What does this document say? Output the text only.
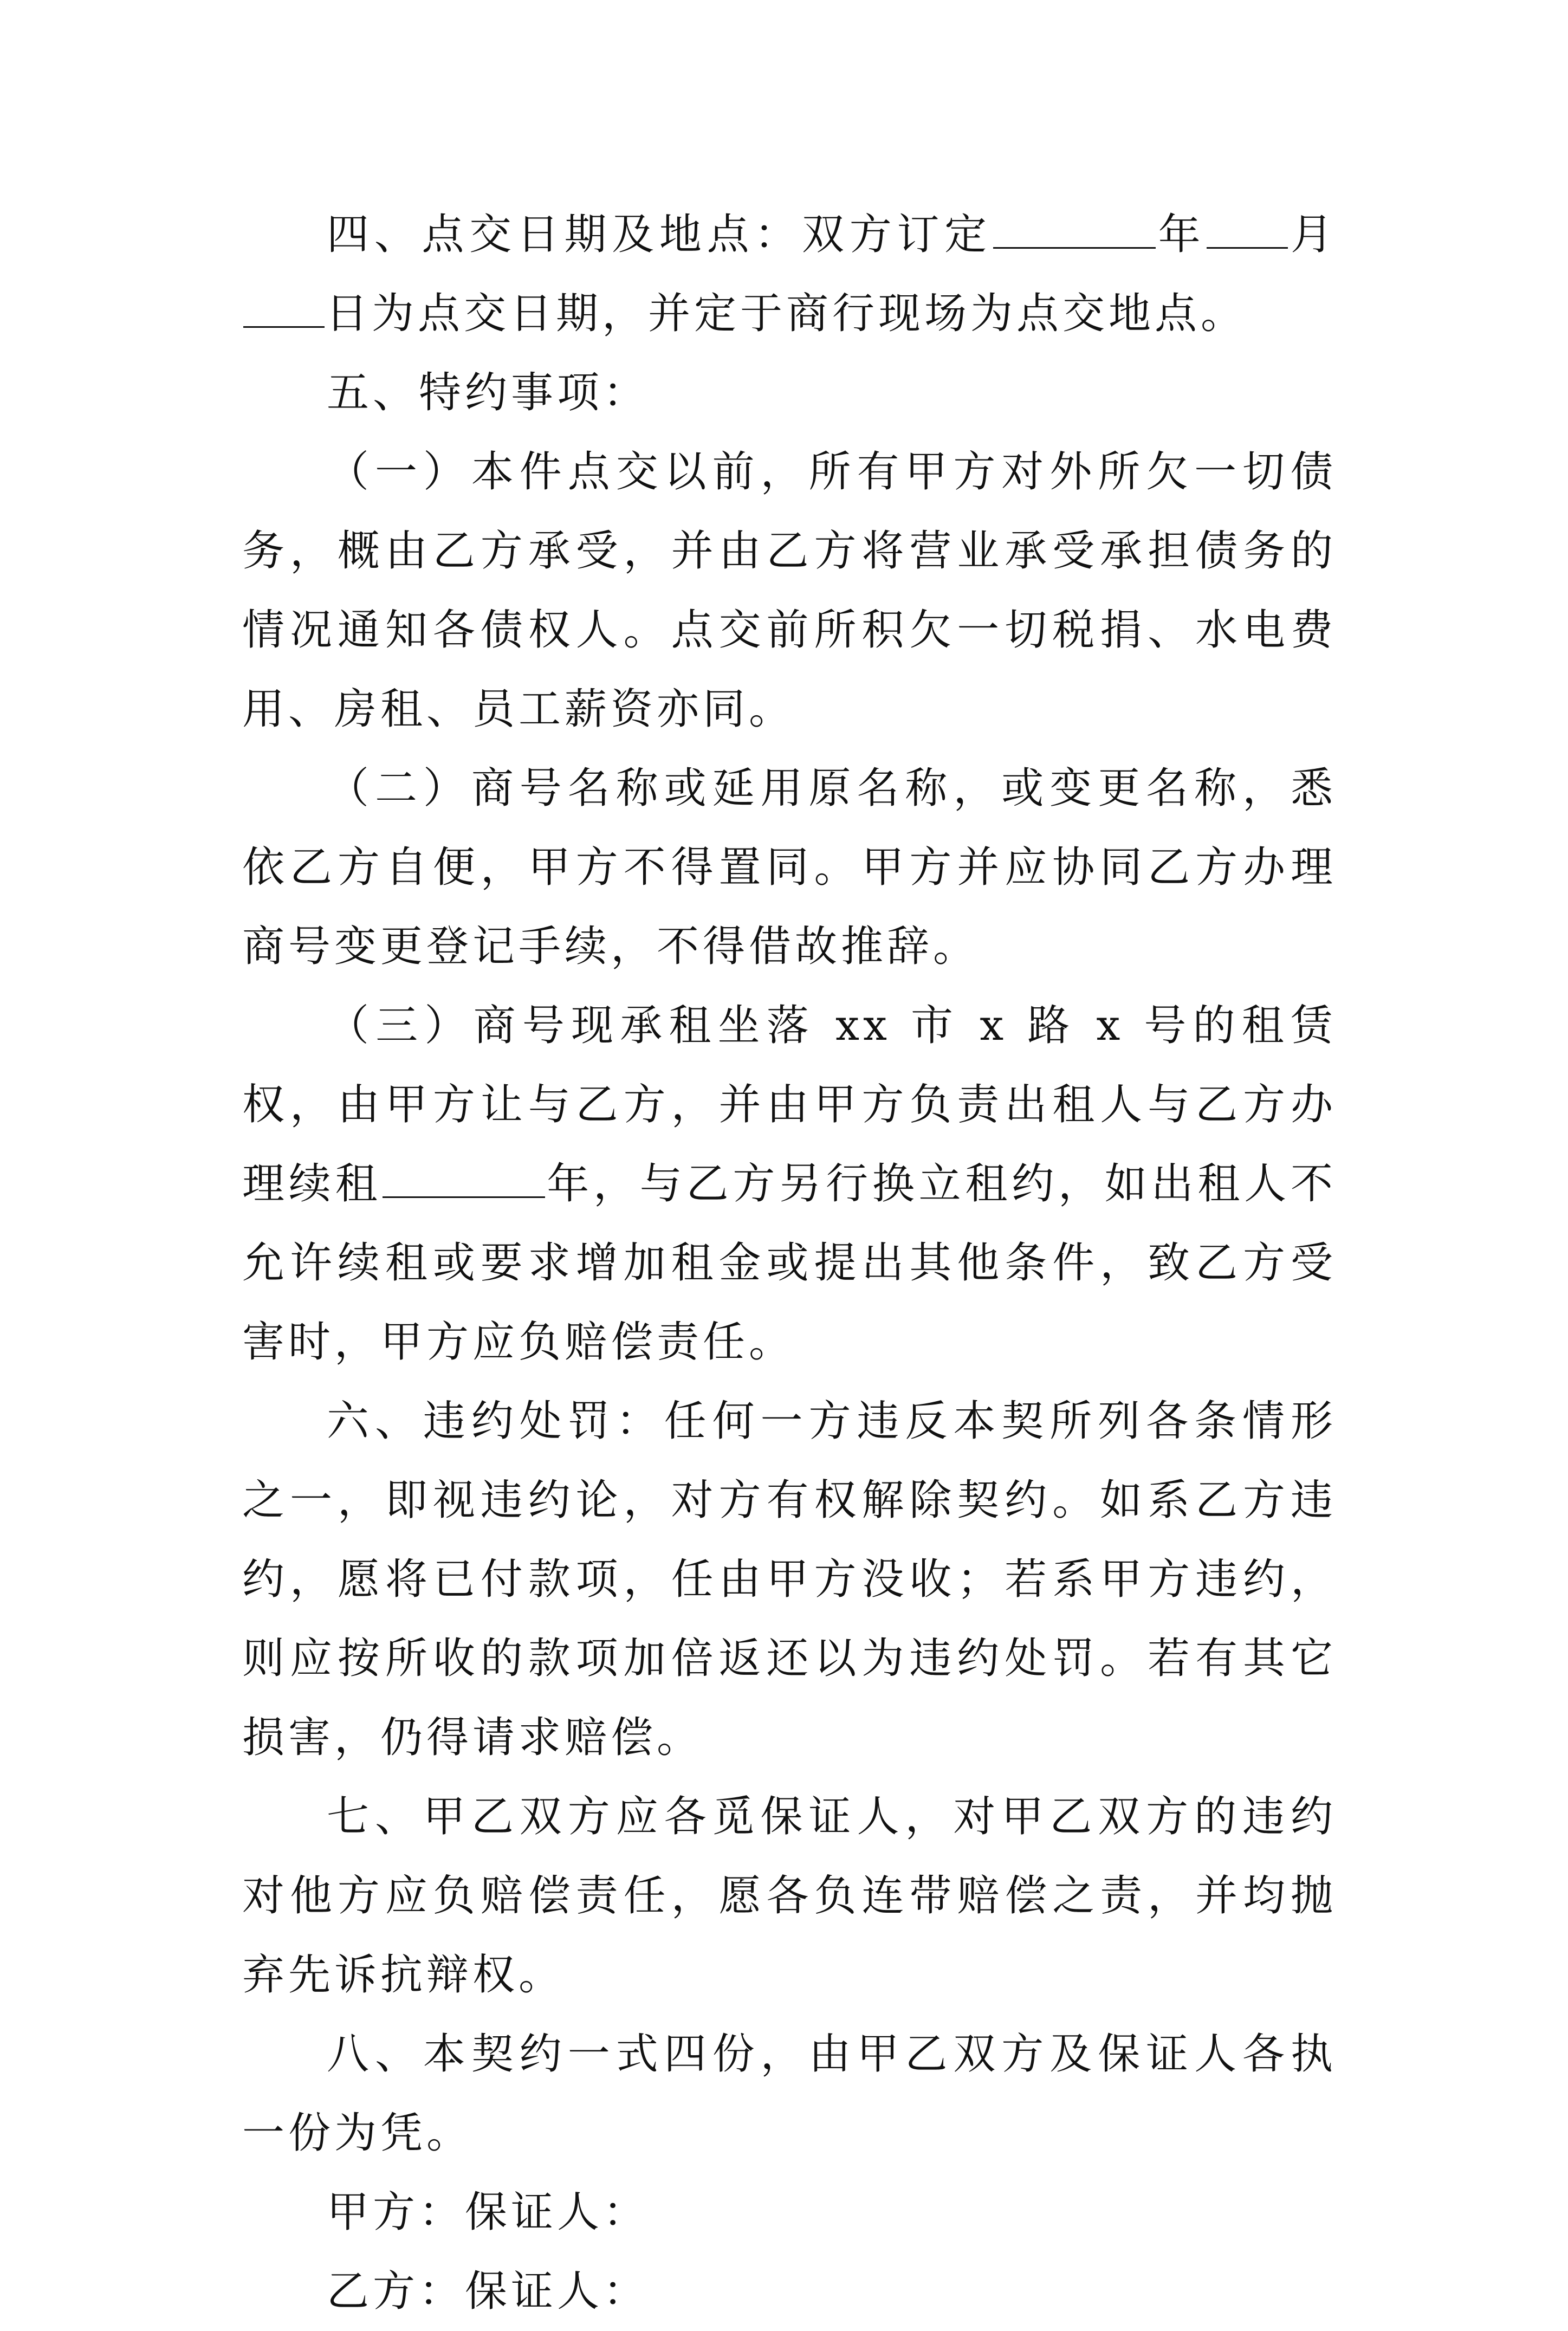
四、点交日期及地点：双方订定	年 月日为点交日期，并定于商行现场为点交地点。

五、特约事项：

（一）本件点交以前，所有甲方对外所欠一切债务，概由乙方承受，并由乙方将营业承受承担债务的情况通知各债权人。点交前所积欠一切税捐、水电费用、房租、员工薪资亦同。

（二）商号名称或延用原名称，或变更名称，悉依乙方自便，甲方不得置同。甲方并应协同乙方办理商号变更登记手续，不得借故推辞。

（三）商号现承租坐落 xx 市 x 路 x 号的租赁权，由甲方让与乙方，并由甲方负责出租人与乙方办理续租	年，与乙方另行换立租约，如出租人不允许续租或要求增加租金或提出其他条件，致乙方受害时，甲方应负赔偿责任。

六、违约处罚：任何一方违反本契所列各条情形之一，即视违约论，对方有权解除契约。如系乙方违约，愿将已付款项，任由甲方没收；若系甲方违约，则应按所收的款项加倍返还以为违约处罚。若有其它损害，仍得请求赔偿。

七、甲乙双方应各觅保证人，对甲乙双方的违约对他方应负赔偿责任，愿各负连带赔偿之责，并均抛弃先诉抗辩权。

八、本契约一式四份，由甲乙双方及保证人各执一份为凭。

甲方：保证人：

乙方：保证人：
